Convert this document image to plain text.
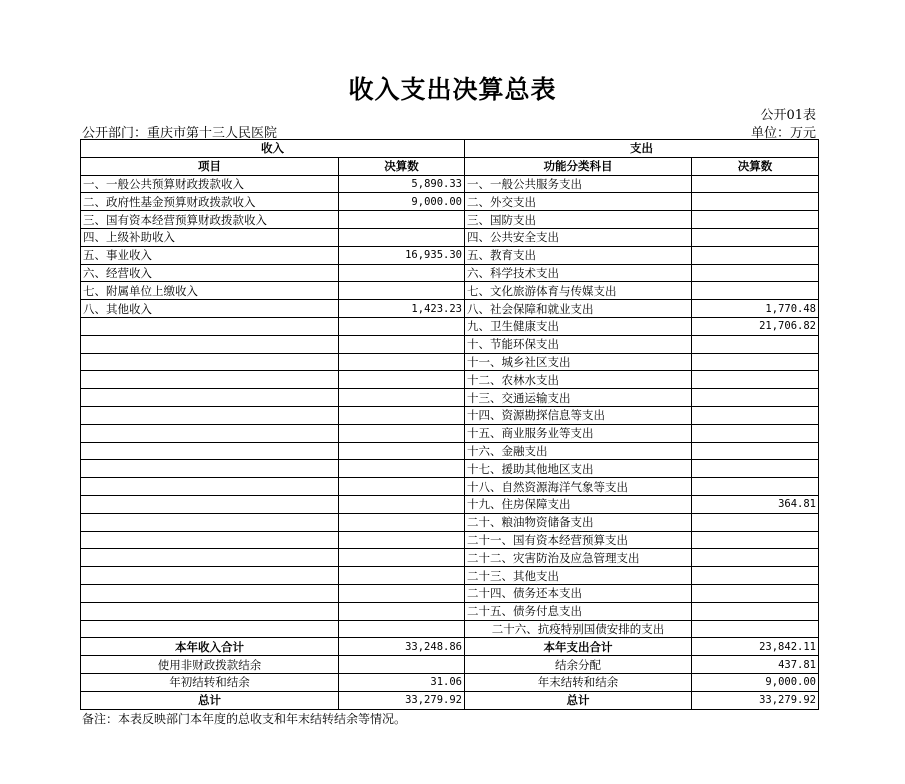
收入支出决算总表
公开01表
公开部门：重庆市第十三人民医院	单位：万元
收入		支出	
项目	决算数	功能分类科目	决算数
一、一般公共预算财政拨款收入	5,890.33	一、一般公共服务支出	
二、政府性基金预算财政拨款收入	9,000.00	二、外交支出	
三、国有资本经营预算财政拨款收入		三、国防支出	
四、上级补助收入		四、公共安全支出	
五、事业收入	16,935.30	五、教育支出	
六、经营收入		六、科学技术支出	
七、附属单位上缴收入		七、文化旅游体育与传媒支出	
八、其他收入	1,423.23	八、社会保障和就业支出	1,770.48
		九、卫生健康支出	21,706.82
		十、节能环保支出	
		十一、城乡社区支出	
		十二、农林水支出	
		十三、交通运输支出	
		十四、资源勘探信息等支出	
		十五、商业服务业等支出	
		十六、金融支出	
		十七、援助其他地区支出	
		十八、自然资源海洋气象等支出	
		十九、住房保障支出	364.81
		二十、粮油物资储备支出	
		二十一、国有资本经营预算支出	
		二十二、灾害防治及应急管理支出	
		二十三、其他支出	
		二十四、债务还本支出	
		二十五、债务付息支出	
		二十六、抗疫特别国债安排的支出	
本年收入合计	33,248.86	本年支出合计	23,842.11
使用非财政拨款结余		结余分配	437.81
年初结转和结余	31.06	年末结转和结余	9,000.00
总计	33,279.92	总计	33,279.92
备注：本表反映部门本年度的总收支和年末结转结余等情况。
